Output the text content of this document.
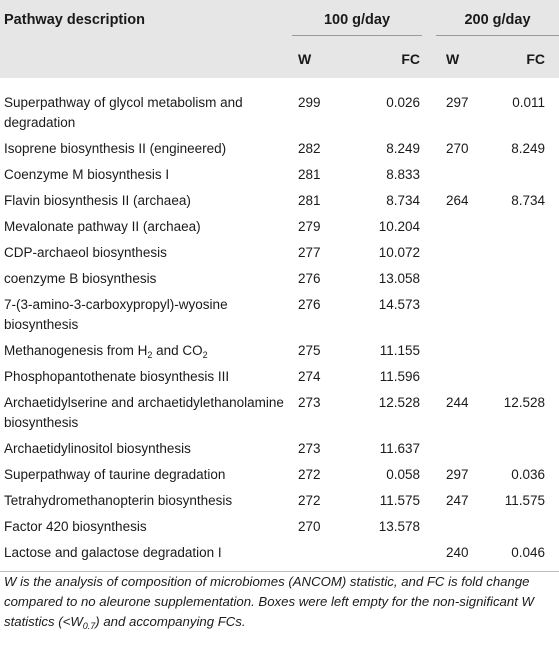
Pathway description	100 g/day			200 g/day	

	W	FC		W	FC
Superpathway of glycol metabolism and degradation	299	0.026		297	0.011
Isoprene biosynthesis II (engineered)	282	8.249		270	8.249
Coenzyme M biosynthesis I	281	8.833			
Flavin biosynthesis II (archaea)	281	8.734		264	8.734
Mevalonate pathway II (archaea)	279	10.204			
CDP-archaeol biosynthesis	277	10.072			
coenzyme B biosynthesis	276	13.058			
7-(3-amino-3-carboxypropyl)-wyosine biosynthesis	276	14.573			
Methanogenesis from $H_2$ and $CO_2$	275	11.155			
Phosphopantothenate biosynthesis III	274	11.596			
Archaetidylserine and archaetidylethanolamine biosynthesis	273	12.528		244	12.528
Archaetidylinositol biosynthesis	273	11.637			
Superpathway of taurine degradation	272	0.058		297	0.036
Tetrahydromethanopterin biosynthesis	272	11.575		247	11.575
Factor 420 biosynthesis	270	13.578			
Lactose and galactose degradation I				240	0.046
W is the analysis of composition of microbiomes (ANCOM) statistic, and FC is fold change compared to no aleurone supplementation. Boxes were left empty for the non-significant W statistics $(<W_{0.7})$ and accompanying FCs.
